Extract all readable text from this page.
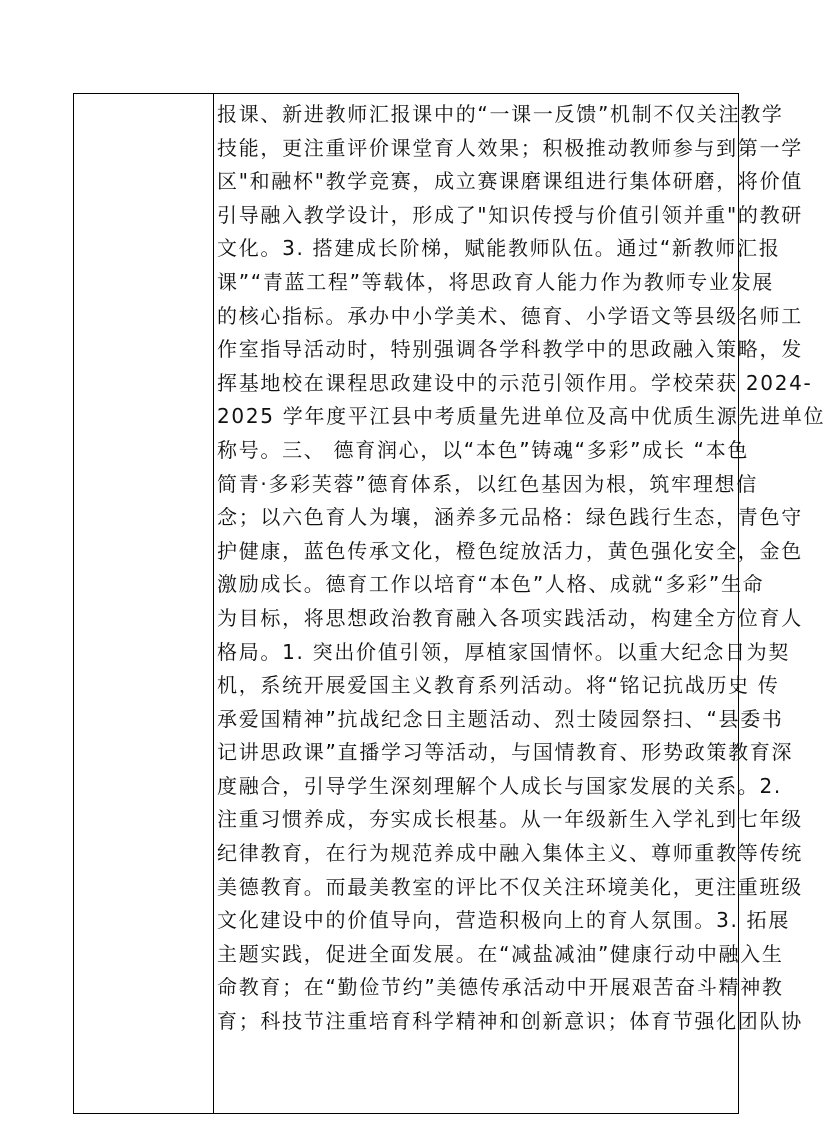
报课、新进教师汇报课中的“一课一反馈”机制不仅关注教学
技能，更注重评价课堂育人效果；积极推动教师参与到第一学
区"和融杯"教学竞赛，成立赛课磨课组进行集体研磨，将价值
引导融入教学设计，形成了"知识传授与价值引领并重"的教研
文化。3. 搭建成长阶梯，赋能教师队伍。通过“新教师汇报
课”“青蓝工程”等载体，将思政育人能力作为教师专业发展
的核心指标。承办中小学美术、德育、小学语文等县级名师工
作室指导活动时，特别强调各学科教学中的思政融入策略，发
挥基地校在课程思政建设中的示范引领作用。学校荣获 2024-
2025 学年度平江县中考质量先进单位及高中优质生源先进单位
称号。三、 德育润心，以“本色”铸魂“多彩”成长 “本色
简青·多彩芙蓉”德育体系，以红色基因为根，筑牢理想信
念；以六色育人为壤，涵养多元品格：绿色践行生态，青色守
护健康，蓝色传承文化，橙色绽放活力，黄色强化安全，金色
激励成长。德育工作以培育“本色”人格、成就“多彩”生命
为目标，将思想政治教育融入各项实践活动，构建全方位育人
格局。1. 突出价值引领，厚植家国情怀。以重大纪念日为契
机，系统开展爱国主义教育系列活动。将“铭记抗战历史 传
承爱国精神”抗战纪念日主题活动、烈士陵园祭扫、“县委书
记讲思政课”直播学习等活动，与国情教育、形势政策教育深
度融合，引导学生深刻理解个人成长与国家发展的关系。2.
注重习惯养成，夯实成长根基。从一年级新生入学礼到七年级
纪律教育，在行为规范养成中融入集体主义、尊师重教等传统
美德教育。而最美教室的评比不仅关注环境美化，更注重班级
文化建设中的价值导向，营造积极向上的育人氛围。3. 拓展
主题实践，促进全面发展。在“减盐减油”健康行动中融入生
命教育；在“勤俭节约”美德传承活动中开展艰苦奋斗精神教
育；科技节注重培育科学精神和创新意识；体育节强化团队协
